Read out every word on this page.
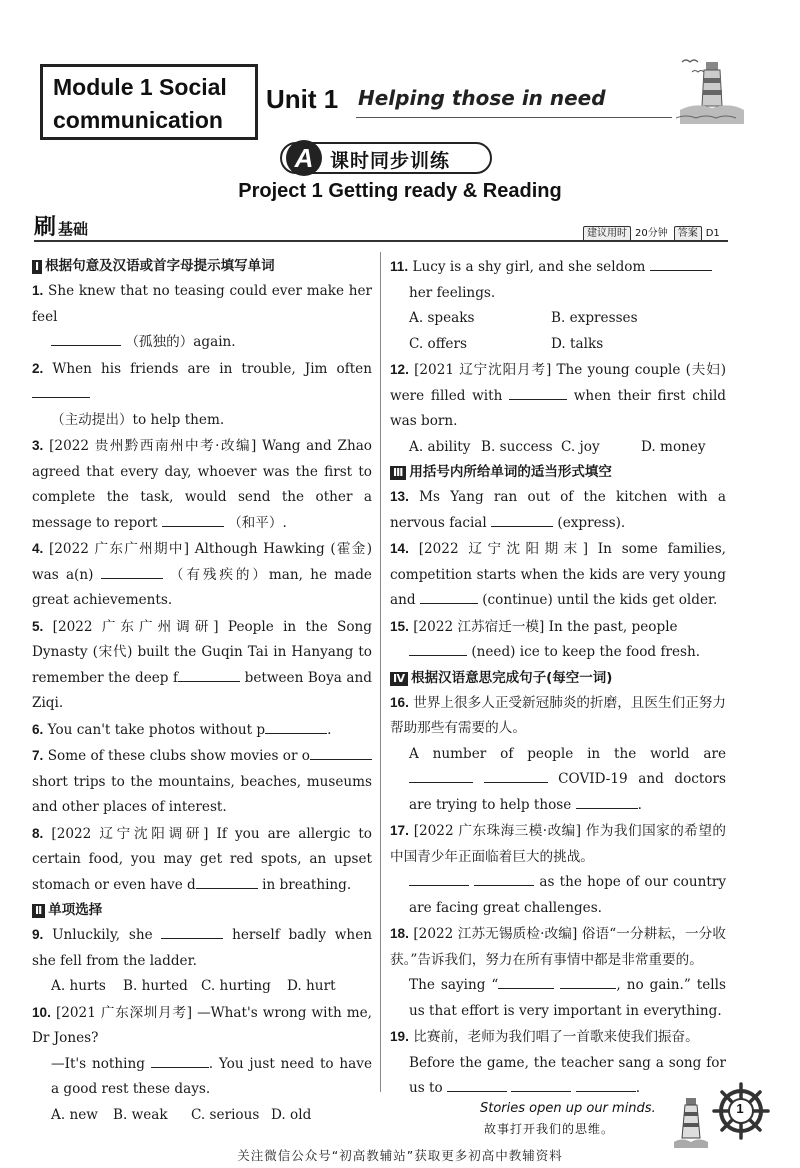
Module 1 Social
communication
Unit 1 Helping those in need
A 课时同步训练
Project 1 Getting ready & Reading
刷 基础	建议用时 20分钟 答案 D1
Ⅰ 根据句意及汉语或首字母提示填写单词
1. She knew that no teasing could ever make her feel
（孤独的）again.
2. When his friends are in trouble, Jim often
（主动提出）to help them.
3. [2022 贵州黔西南州中考·改编] Wang and Zhao agreed that every day, whoever was the first to complete the task, would send the other a message to report	（和平）.
4. [2022 广东广州期中] Although Hawking (霍金) was a(n)	（有残疾的）man, he made great achievements.
5. [2022 广东广州调研] People in the Song Dynasty (宋代) built the Guqin Tai in Hanyang to remember the deep f	between Boya and Ziqi.
6. You can't take photos without p	.
7. Some of these clubs show movies or o short trips to the mountains, beaches, museums and other places of interest.
8. [2022 辽宁沈阳调研] If you are allergic to certain food, you may get red spots, an upset stomach or even have d	in breathing.
Ⅱ 单项选择
9. Unluckily, she	herself badly when she fell from the ladder.
A. hurts	B. hurted C. hurting	D. hurt
10. [2021 广东深圳月考] —What's wrong with me, Dr Jones?
—It's nothing	. You just need to have a good rest these days.
A. new	B. weak	C. serious D. old
11. Lucy is a shy girl, and she seldom
her feelings.
A. speaks	B. expresses
C. offers	D. talks
12. [2021 辽宁沈阳月考] The young couple (夫妇) were filled with	when their first child was born.
A. ability B. success C. joy	D. money
Ⅲ 用括号内所给单词的适当形式填空
13. Ms Yang ran out of the kitchen with a nervous facial	(express).
14. [2022 辽宁沈阳期末] In some families, competition starts when the kids are very young and	(continue) until the kids get older.
15. [2022 江苏宿迁一模] In the past, people
(need) ice to keep the food fresh.
Ⅳ 根据汉语意思完成句子(每空一词)
16. 世界上很多人正受新冠肺炎的折磨，且医生们正努力帮助那些有需要的人。
A number of people in the world are   COVID-19 and doctors are trying to help those	.
17. [2022 广东珠海三模·改编] 作为我们国家的希望的中国青少年正面临着巨大的挑战。
as the hope of our country are facing great challenges.
18. [2022 江苏无锡质检·改编] 俗语“一分耕耘，一分收获。”告诉我们，努力在所有事情中都是非常重要的。
The saying “	, no gain.” tells us that effort is very important in everything.
19. 比赛前，老师为我们唱了一首歌来使我们振奋。
Before the game, the teacher sang a song for us to	.
Stories open up our minds.
故事打开我们的思维。
1
关注微信公众号“初高教辅站”获取更多初高中教辅资料
